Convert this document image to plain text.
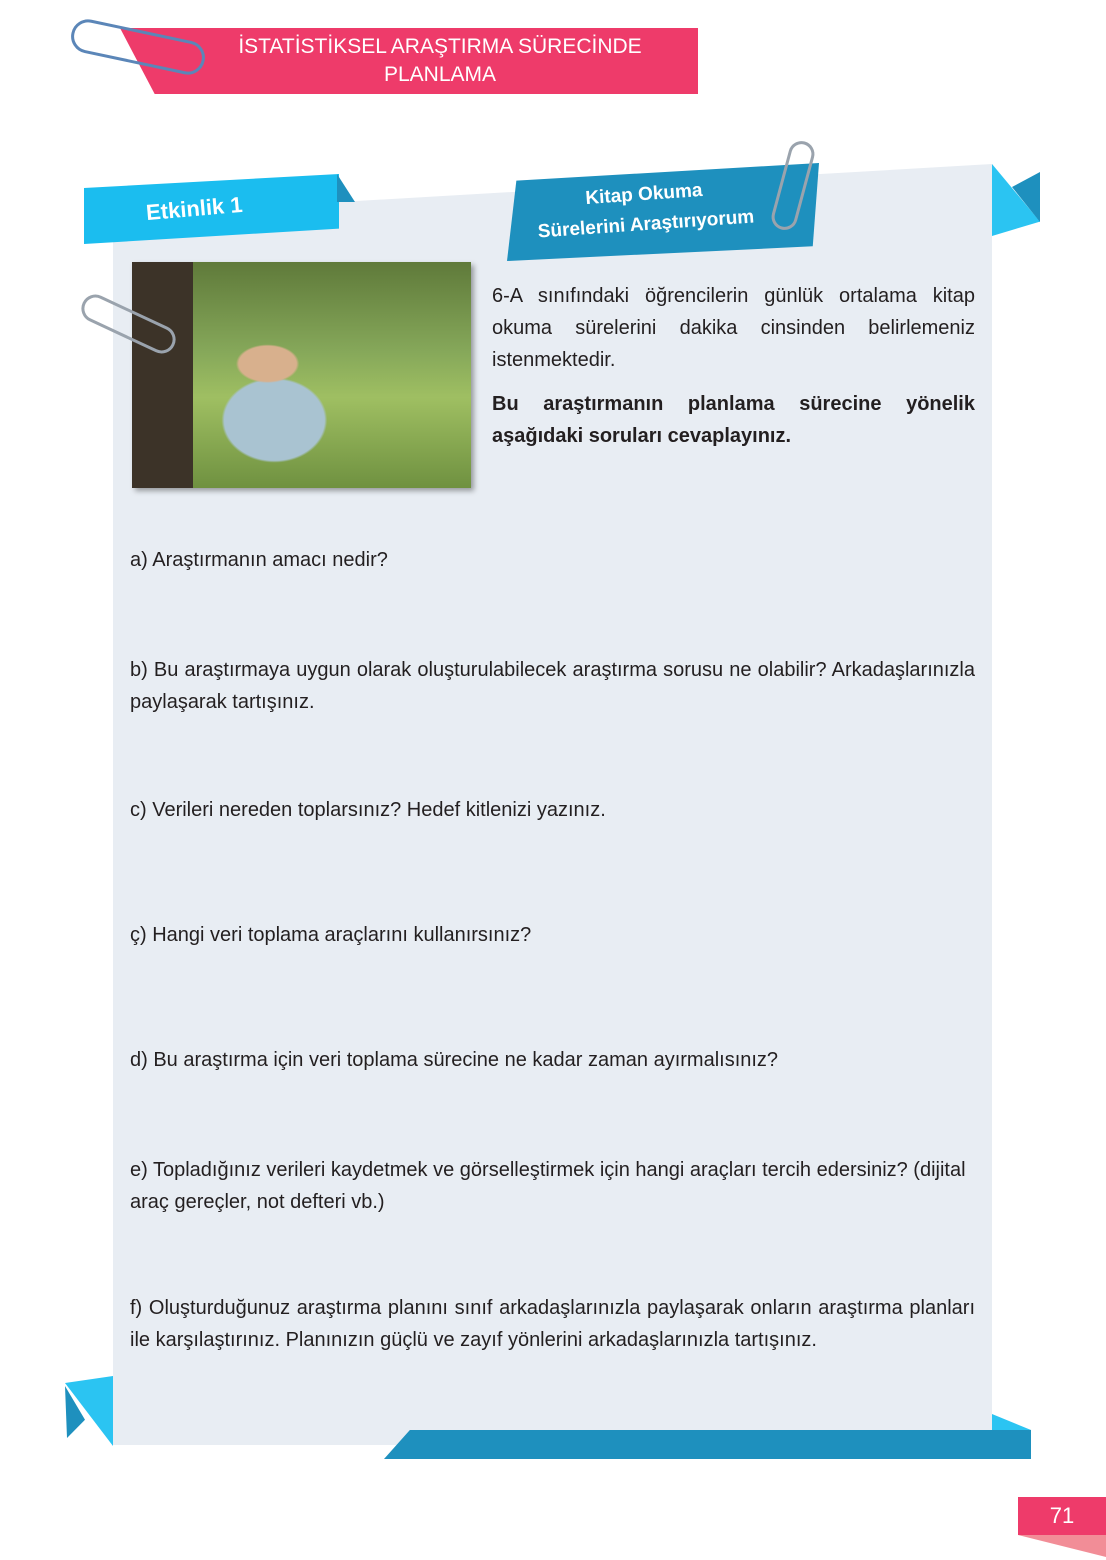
İSTATİSTİKSEL ARAŞTIRMA SÜRECİNDE
PLANLAMA
Etkinlik 1	Kitap Okuma
Sürelerini Araştırıyorum
6-A sınıfındaki öğrencilerin günlük ortalama kitap okuma sürelerini dakika cinsinden belirlemeniz istenmektedir.
Bu araştırmanın planlama sürecine yönelik aşağıdaki soruları cevaplayınız.
a) Araştırmanın amacı nedir?
b) Bu araştırmaya uygun olarak oluşturulabilecek araştırma sorusu ne olabilir? Arkadaşlarınızla paylaşarak tartışınız.
c) Verileri nereden toplarsınız? Hedef kitlenizi yazınız.
ç) Hangi veri toplama araçlarını kullanırsınız?
d) Bu araştırma için veri toplama sürecine ne kadar zaman ayırmalısınız?
e) Topladığınız verileri kaydetmek ve görselleştirmek için hangi araçları tercih edersiniz? (dijital araç gereçler, not defteri vb.)
f) Oluşturduğunuz araştırma planını sınıf arkadaşlarınızla paylaşarak onların araştırma planları ile karşılaştırınız. Planınızın güçlü ve zayıf yönlerini arkadaşlarınızla tartışınız.
71
